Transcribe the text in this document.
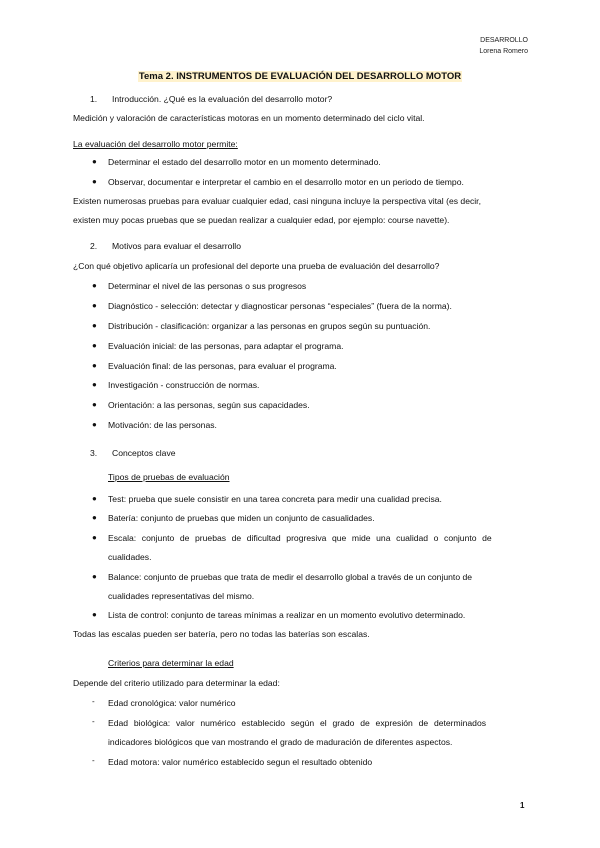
DESARROLLO
Lorena Romero
Tema 2. INSTRUMENTOS DE EVALUACIÓN DEL DESARROLLO MOTOR
1. Introducción. ¿Qué es la evaluación del desarrollo motor?
Medición y valoración de características motoras en un momento determinado del ciclo vital.
La evaluación del desarrollo motor permite:
● Determinar el estado del desarrollo motor en un momento determinado.
● Observar, documentar e interpretar el cambio en el desarrollo motor en un periodo de tiempo.
Existen numerosas pruebas para evaluar cualquier edad, casi ninguna incluye la perspectiva vital (es decir,
existen muy pocas pruebas que se puedan realizar a cualquier edad, por ejemplo: course navette).
2. Motivos para evaluar el desarrollo
¿Con qué objetivo aplicaría un profesional del deporte una prueba de evaluación del desarrollo?
● Determinar el nivel de las personas o sus progresos
● Diagnóstico - selección: detectar y diagnosticar personas “especiales” (fuera de la norma).
● Distribución - clasificación: organizar a las personas en grupos según su puntuación.
● Evaluación inicial: de las personas, para adaptar el programa.
● Evaluación final: de las personas, para evaluar el programa.
● Investigación - construcción de normas.
● Orientación: a las personas, según sus capacidades.
● Motivación: de las personas.
3. Conceptos clave
Tipos de pruebas de evaluación
● Test: prueba que suele consistir en una tarea concreta para medir una cualidad precisa.
● Batería: conjunto de pruebas que miden un conjunto de casualidades.
● Escala: conjunto de pruebas de dificultad progresiva que mide una cualidad o conjunto de
cualidades.
● Balance: conjunto de pruebas que trata de medir el desarrollo global a través de un conjunto de
cualidades representativas del mismo.
● Lista de control: conjunto de tareas mínimas a realizar en un momento evolutivo determinado.
Todas las escalas pueden ser batería, pero no todas las baterías son escalas.
Criterios para determinar la edad
Depende del criterio utilizado para determinar la edad:
- Edad cronológica: valor numérico
- Edad biológica: valor numérico establecido según el grado de expresión de determinados
indicadores biológicos que van mostrando el grado de maduración de diferentes aspectos.
- Edad motora: valor numérico establecido segun el resultado obtenido
1
